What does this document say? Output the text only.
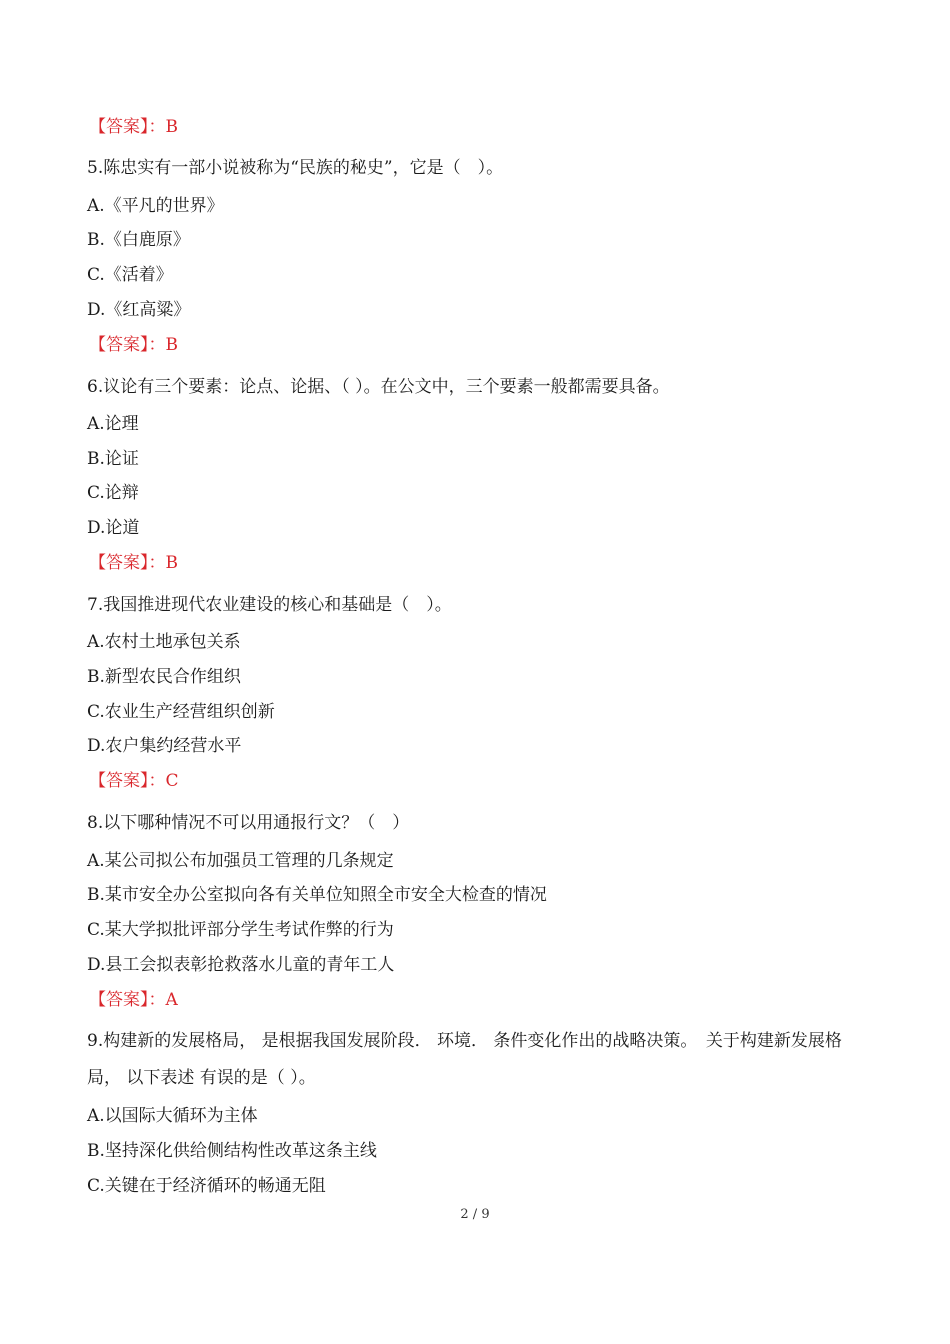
【答案】：B
5.陈忠实有一部小说被称为“民族的秘史”，它是（　）。
A.《平凡的世界》
B.《白鹿原》
C.《活着》
D.《红高粱》
【答案】：B
6.议论有三个要素：论点、论据、（ ）。在公文中，三个要素一般都需要具备。
A.论理
B.论证
C.论辩
D.论道
【答案】：B
7.我国推进现代农业建设的核心和基础是（　）。
A.农村土地承包关系
B.新型农民合作组织
C.农业生产经营组织创新
D.农户集约经营水平
【答案】：C
8.以下哪种情况不可以用通报行文？（　）
A.某公司拟公布加强员工管理的几条规定
B.某市安全办公室拟向各有关单位知照全市安全大检查的情况
C.某大学拟批评部分学生考试作弊的行为
D.县工会拟表彰抢救落水儿童的青年工人
【答案】：A
9.构建新的发展格局， 是根据我国发展阶段． 环境． 条件变化作出的战略决策。　关于构建新发展格局， 以下表述 有误的是（ ）。
A.以国际大循环为主体
B.坚持深化供给侧结构性改革这条主线
C.关键在于经济循环的畅通无阻
2 / 9
